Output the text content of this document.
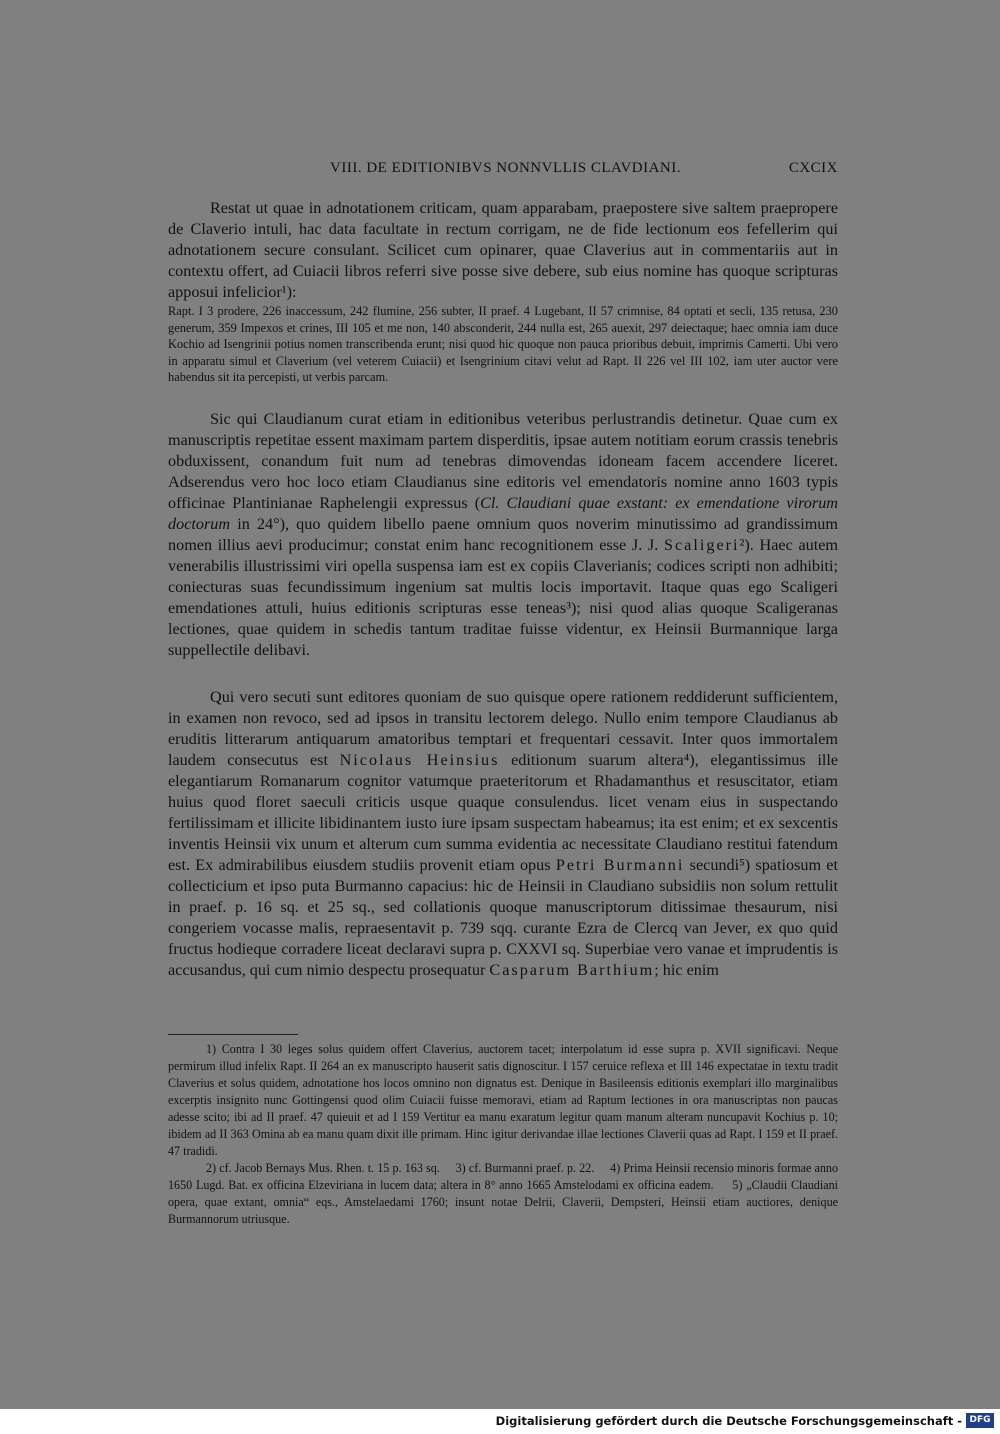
VIII. DE EDITIONIBVS NONNVLLIS CLAVDIANI.	CXCIX

Restat ut quae in adnotationem criticam, quam apparabam, praepostere sive saltem praepropere de Claverio intuli, hac data facultate in rectum corrigam, ne de fide lectionum eos fefellerim qui adnotationem secure consulant. Scilicet cum opinarer, quae Claverius aut in commentariis aut in contextu offert, ad Cuiacii libros referri sive posse sive debere, sub eius nomine has quoque scripturas apposui infelicior¹):

Rapt. I 3 prodere, 226 inaccessum, 242 flumine, 256 subter, II praef. 4 Lugebant, II 57 crimnise, 84 optati et secli, 135 retusa, 230 generum, 359 Impexos et crines, III 105 et me non, 140 absconderit, 244 nulla est, 265 auexit, 297 deiectaque; haec omnia iam duce Kochio ad Isengrinii potius nomen transcribenda erunt; nisi quod hic quoque non pauca prioribus debuit, imprimis Camerti. Ubi vero in apparatu simul et Claverium (vel veterem Cuiacii) et Isengrinium citavi velut ad Rapt. II 226 vel III 102, iam uter auctor vere habendus sit ita percepisti, ut verbis parcam.

Sic qui Claudianum curat etiam in editionibus veteribus perlustrandis detinetur. Quae cum ex manuscriptis repetitae essent maximam partem disperditis, ipsae autem notitiam eorum crassis tenebris obduxissent, conandum fuit num ad tenebras dimovendas idoneam facem accendere liceret. Adserendus vero hoc loco etiam Claudianus sine editoris vel emendatoris nomine anno 1603 typis officinae Plantinianae Raphelengii expressus (Cl. Claudiani quae exstant: ex emendatione virorum doctorum in 24°), quo quidem libello paene omnium quos noverim minutissimo ad grandissimum nomen illius aevi producimur; constat enim hanc recognitionem esse J. J. Scaligeri²). Haec autem venerabilis illustrissimi viri opella suspensa iam est ex copiis Claverianis; codices scripti non adhibiti; coniecturas suas fecundissimum ingenium sat multis locis importavit. Itaque quas ego Scaligeri emendationes attuli, huius editionis scripturas esse teneas³); nisi quod alias quoque Scaligeranas lectiones, quae quidem in schedis tantum traditae fuisse videntur, ex Heinsii Burmannique larga suppellectile delibavi.

Qui vero secuti sunt editores quoniam de suo quisque opere rationem reddiderunt sufficientem, in examen non revoco, sed ad ipsos in transitu lectorem delego. Nullo enim tempore Claudianus ab eruditis litterarum antiquarum amatoribus temptari et frequentari cessavit. Inter quos immortalem laudem consecutus est Nicolaus Heinsius editionum suarum altera⁴), elegantissimus ille elegantiarum Romanarum cognitor vatumque praeteritorum et Rhadamanthus et resuscitator, etiam huius quod floret saeculi criticis usque quaque consulendus. licet venam eius in suspectando fertilissimam et illicite libidinantem iusto iure ipsam suspectam habeamus; ita est enim; et ex sexcentis inventis Heinsii vix unum et alterum cum summa evidentia ac necessitate Claudiano restitui fatendum est. Ex admirabilibus eiusdem studiis provenit etiam opus Petri Burmanni secundi⁵) spatiosum et collecticium et ipso puta Burmanno capacius: hic de Heinsii in Claudiano subsidiis non solum rettulit in praef. p. 16 sq. et 25 sq., sed collationis quoque manuscriptorum ditissimae thesaurum, nisi congeriem vocasse malis, repraesentavit p. 739 sqq. curante Ezra de Clercq van Jever, ex quo quid fructus hodieque corradere liceat declaravi supra p. CXXVI sq. Superbiae vero vanae et imprudentis is accusandus, qui cum nimio despectu prosequatur Casparum Barthium; hic enim

1) Contra I 30 leges solus quidem offert Claverius, auctorem tacet; interpolatum id esse supra p. XVII significavi. Neque permirum illud infelix Rapt. II 264 an ex manuscripto hauserit satis dignoscitur. I 157 ceruice reflexa et III 146 expectatae in textu tradit Claverius et solus quidem, adnotatione hos locos omnino non dignatus est. Denique in Basileensis editionis exemplari illo marginalibus excerptis insignito nunc Gottingensi quod olim Cuiacii fuisse memoravi, etiam ad Raptum lectiones in ora manuscriptas non paucas adesse scito; ibi ad II praef. 47 quieuit et ad I 159 Vertitur ea manu exaratum legitur quam manum alteram nuncupavit Kochius p. 10; ibidem ad II 363 Omina ab ea manu quam dixit ille primam. Hinc igitur derivandae illae lectiones Claverii quas ad Rapt. I 159 et II praef. 47 tradidi.

2) cf. Jacob Bernays Mus. Rhen. t. 15 p. 163 sq. 3) cf. Burmanni praef. p. 22. 4) Prima Heinsii recensio minoris formae anno 1650 Lugd. Bat. ex officina Elzeviriana in lucem data; altera in 8° anno 1665 Amstelodami ex officina eadem. 5) „Claudii Claudiani opera, quae extant, omnia“ eqs., Amstelaedami 1760; insunt notae Delrii, Claverii, Dempsteri, Heinsii etiam auctiores, denique Burmannorum utriusque.

Digitalisierung gefördert durch die Deutsche Forschungsgemeinschaft - DFG
